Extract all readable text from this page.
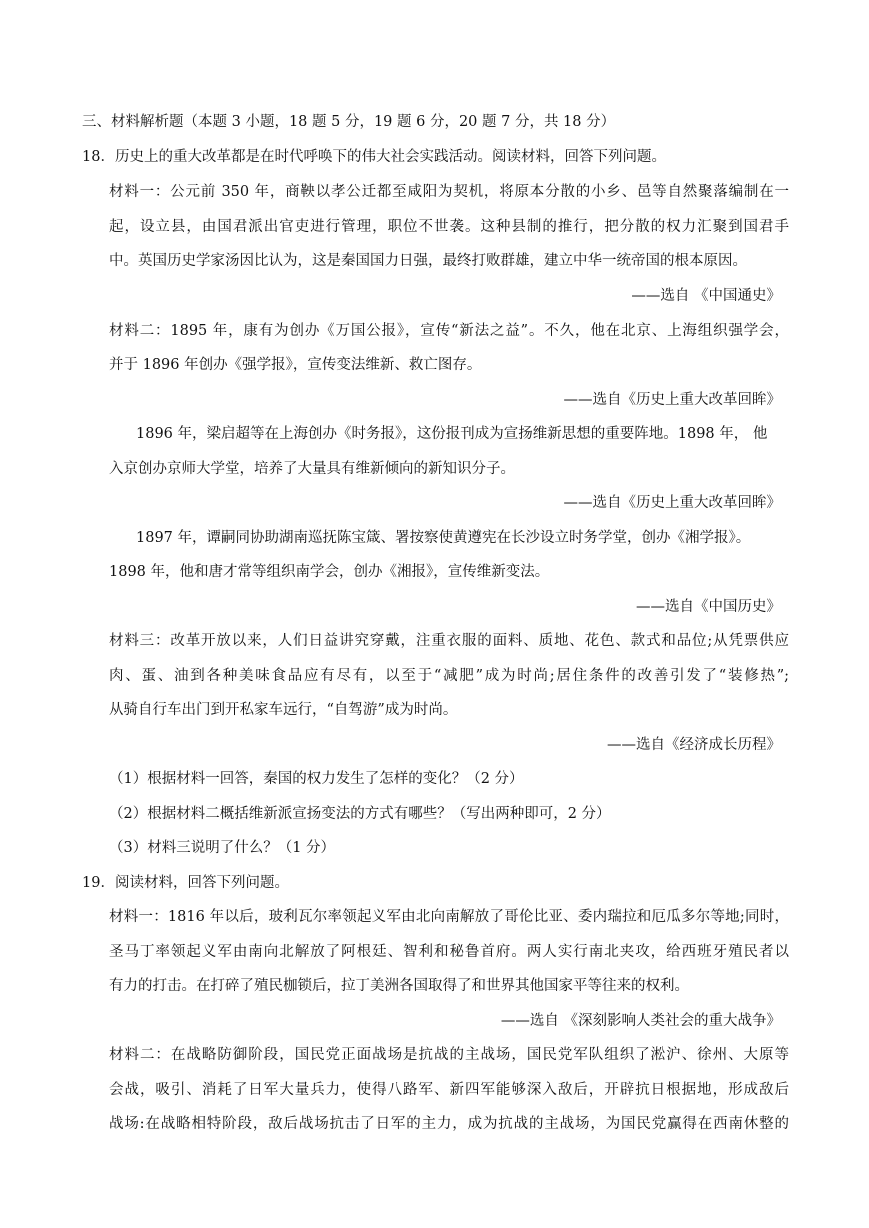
三、材料解析题（本题 3 小题，18 题 5 分，19 题 6 分，20 题 7 分，共 18 分）
18．历史上的重大改革都是在时代呼唤下的伟大社会实践活动。阅读材料，回答下列问题。
材料一：公元前 350 年，商鞅以孝公迁都至咸阳为契机，将原本分散的小乡、邑等自然聚落编制在一
起，设立县，由国君派出官吏进行管理，职位不世袭。这种县制的推行，把分散的权力汇聚到国君手
中。英国历史学家汤因比认为，这是秦国国力日强，最终打败群雄，建立中华一统帝国的根本原因。
——选自 《中国通史》
材料二：1895 年，康有为创办《万国公报》，宣传“新法之益”。不久，他在北京、上海组织强学会，
并于 1896 年创办《强学报》，宣传变法维新、救亡图存。
——选自《历史上重大改革回眸》
1896 年，梁启超等在上海创办《时务报》，这份报刊成为宣扬维新思想的重要阵地。1898 年， 他
入京创办京师大学堂，培养了大量具有维新倾向的新知识分子。
——选自《历史上重大改革回眸》
1897 年，谭嗣同协助湖南巡抚陈宝箴、署按察使黄遵宪在长沙设立时务学堂，创办《湘学报》。
1898 年，他和唐才常等组织南学会，创办《湘报》，宣传维新变法。
——选自《中国历史》
材料三：改革开放以来，人们日益讲究穿戴，注重衣服的面料、质地、花色、款式和品位;从凭票供应
肉、蛋、油到各种美味食品应有尽有，以至于“减肥”成为时尚;居住条件的改善引发了“装修热”;
从骑自行车出门到开私家车远行，“自驾游”成为时尚。
——选自《经济成长历程》
（1）根据材料一回答，秦国的权力发生了怎样的变化？（2 分）
（2）根据材料二概括维新派宣扬变法的方式有哪些？（写出两种即可，2 分）
（3）材料三说明了什么？（1 分）
19．阅读材料，回答下列问题。
材料一：1816 年以后，玻利瓦尔率领起义军由北向南解放了哥伦比亚、委内瑞拉和厄瓜多尔等地;同时，
圣马丁率领起义军由南向北解放了阿根廷、智利和秘鲁首府。两人实行南北夹攻，给西班牙殖民者以
有力的打击。在打碎了殖民枷锁后，拉丁美洲各国取得了和世界其他国家平等往来的权利。
——选自 《深刻影响人类社会的重大战争》
材料二：在战略防御阶段，国民党正面战场是抗战的主战场，国民党军队组织了淞沪、徐州、大原等
会战，吸引、消耗了日军大量兵力，使得八路军、新四军能够深入敌后，开辟抗日根据地，形成敌后
战场:在战略相特阶段，敌后战场抗击了日军的主力，成为抗战的主战场，为国民党赢得在西南休整的
